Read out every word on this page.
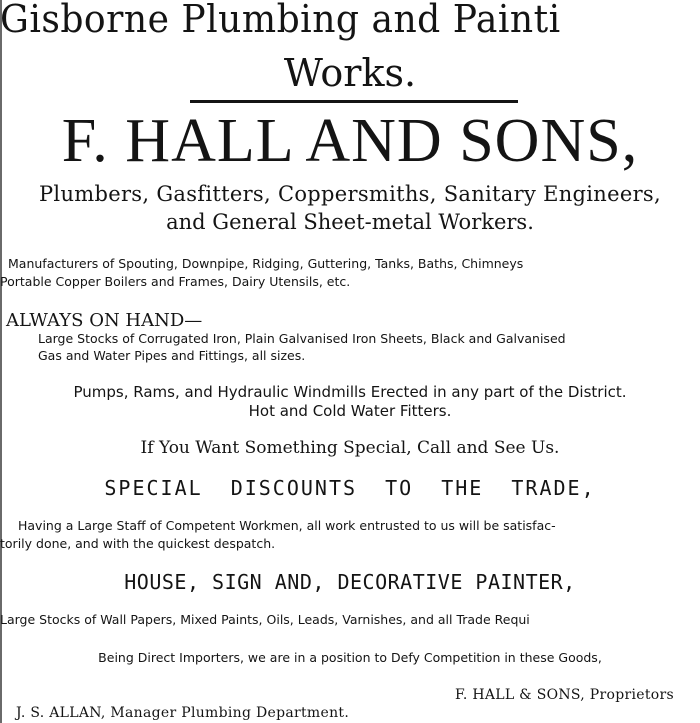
Gisborne Plumbing and Painti
Works.
F. HALL AND SONS,
Plumbers, Gasfitters, Coppersmiths, Sanitary Engineers,
and General Sheet-metal Workers.
Manufacturers of Spouting, Downpipe, Ridging, Guttering, Tanks, Baths, Chimneys
Portable Copper Boilers and Frames, Dairy Utensils, etc.
ALWAYS ON HAND—
Large Stocks of Corrugated Iron, Plain Galvanised Iron Sheets, Black and Galvanised
Gas and Water Pipes and Fittings, all sizes.
Pumps, Rams, and Hydraulic Windmills Erected in any part of the District.
Hot and Cold Water Fitters.
If You Want Something Special, Call and See Us.
SPECIAL DISCOUNTS TO THE TRADE,
Having a Large Staff of Competent Workmen, all work entrusted to us will be satisfac-
torily done, and with the quickest despatch.
HOUSE, SIGN AND, DECORATIVE PAINTER,
Large Stocks of Wall Papers, Mixed Paints, Oils, Leads, Varnishes, and all Trade Requi
Being Direct Importers, we are in a position to Defy Competition in these Goods,
F. HALL & SONS, Proprietors
J. S. ALLAN, Manager Plumbing Department.
